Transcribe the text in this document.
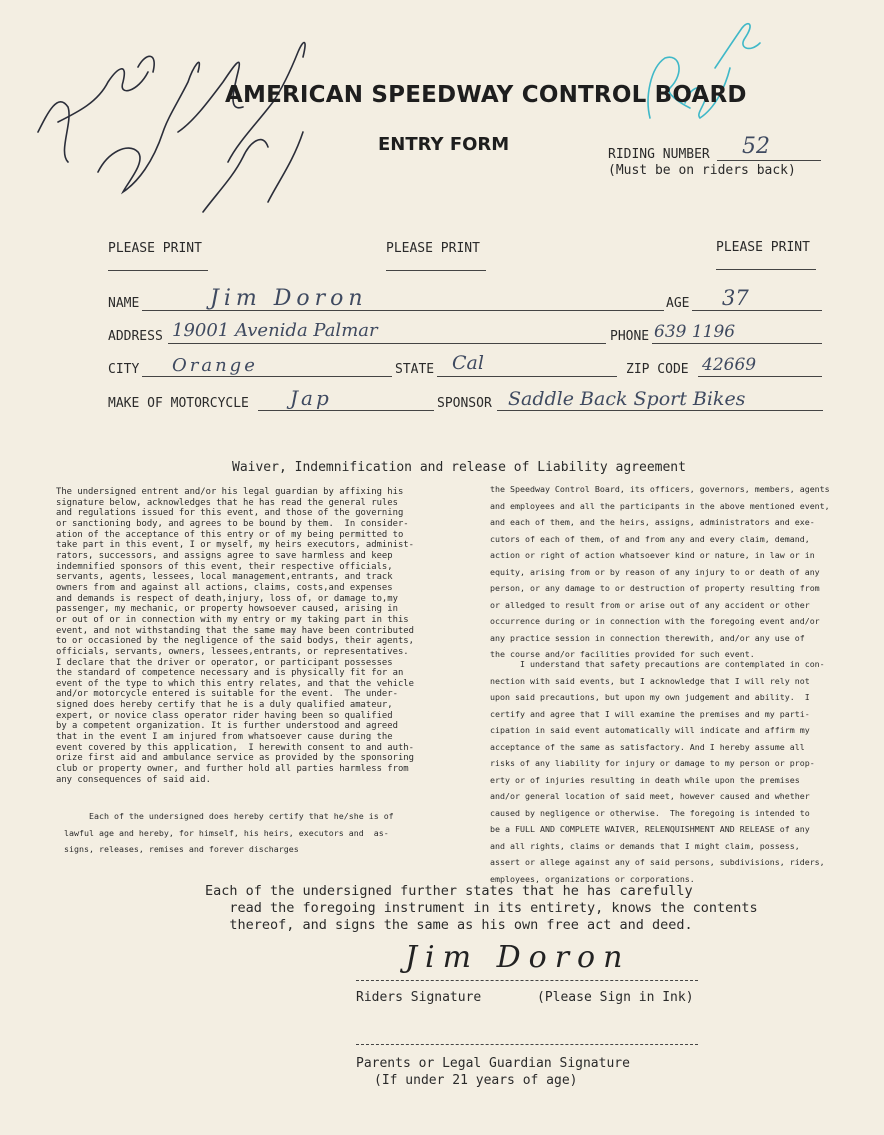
AMERICAN SPEEDWAY CONTROL BOARD
ENTRY FORM	RIDING NUMBER 52
(Must be on riders back)
PLEASE PRINT	PLEASE PRINT	PLEASE PRINT
NAME	Jim Doron	AGE 37
ADDRESS 19001 Avenida Palmar	PHONE 639 1196
CITY Orange	STATE Cal	ZIP CODE 42669
MAKE OF MOTORCYCLE Jap	SPONSOR Saddle Back Sport Bikes
Waiver, Indemnification and release of Liability agreement
The undersigned entrent and/or his legal guardian by affixing his
signature below, acknowledges that he has read the general rules
and regulations issued for this event, and those of the governing
or sanctioning body, and agrees to be bound by them.  In consider-
ation of the acceptance of this entry or of my being permitted to
take part in this event, I or myself, my heirs executors, administ-
rators, successors, and assigns agree to save harmless and keep
indemnified sponsors of this event, their respective officials,
servants, agents, lessees, local management,entrants, and track
owners from and against all actions, claims, costs,and expenses
and demands is respect of death,injury, loss of, or damage to,my
passenger, my mechanic, or property howsoever caused, arising in
or out of or in connection with my entry or my taking part in this
event, and not withstanding that the same may have been contributed
to or occasioned by the negligence of the said bodys, their agents,
officials, servants, owners, lessees,entrants, or representatives.
I declare that the driver or operator, or participant possesses
the standard of competence necessary and is physically fit for an
event of the type to which this entry relates, and that the vehicle
and/or motorcycle entered is suitable for the event.  The under-
signed does hereby certify that he is a duly qualified amateur,
expert, or novice class operator rider having been so qualified
by a competent organization. It is further understood and agreed
that in the event I am injured from whatsoever cause during the
event covered by this application,  I herewith consent to and auth-
orize first aid and ambulance service as provided by the sponsoring
club or property owner, and further hold all parties harmless from
any consequences of said aid.
Each of the undersigned does hereby certify that he/she is of
lawful age and hereby, for himself, his heirs, executors and  as-
signs, releases, remises and forever discharges
the Speedway Control Board, its officers, governors, members, agents
and employees and all the participants in the above mentioned event,
and each of them, and the heirs, assigns, administrators and exe-
cutors of each of them, of and from any and every claim, demand,
action or right of action whatsoever kind or nature, in law or in
equity, arising from or by reason of any injury to or death of any
person, or any damage to or destruction of property resulting from
or alledged to result from or arise out of any accident or other
occurrence during or in connection with the foregoing event and/or
any practice session in connection therewith, and/or any use of
the course and/or facilities provided for such event.
I understand that safety precautions are contemplated in con-
nection with said events, but I acknowledge that I will rely not
upon said precautions, but upon my own judgement and ability.  I
certify and agree that I will examine the premises and my parti-
cipation in said event automatically will indicate and affirm my
acceptance of the same as satisfactory. And I hereby assume all
risks of any liability for injury or damage to my person or prop-
erty or of injuries resulting in death while upon the premises
and/or general location of said meet, however caused and whether
caused by negligence or otherwise.  The foregoing is intended to
be a FULL AND COMPLETE WAIVER, RELENQUISHMENT AND RELEASE of any
and all rights, claims or demands that I might claim, possess,
assert or allege against any of said persons, subdivisions, riders,
employees, organizations or corporations.
Each of the undersigned further states that he has carefully
read the foregoing instrument in its entirety, knows the contents
thereof, and signs the same as his own free act and deed.
Jim Doron
Riders Signature	(Please Sign in Ink)
Parents or Legal Guardian Signature
(If under 21 years of age)
